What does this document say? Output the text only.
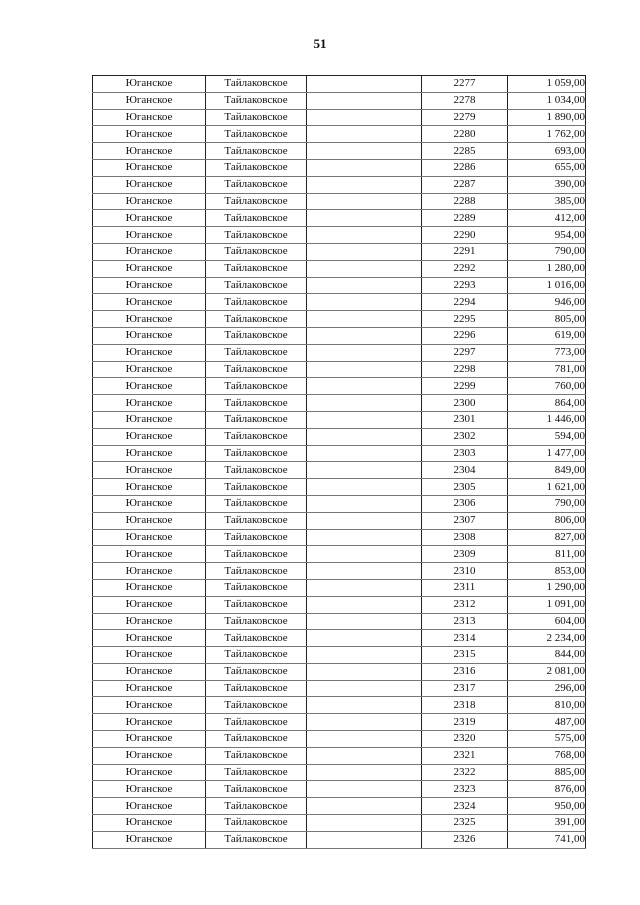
51
Юганское	Тайлаковское		2277	1 059,00
Юганское	Тайлаковское		2278	1 034,00
Юганское	Тайлаковское		2279	1 890,00
Юганское	Тайлаковское		2280	1 762,00
Юганское	Тайлаковское		2285	693,00
Юганское	Тайлаковское		2286	655,00
Юганское	Тайлаковское		2287	390,00
Юганское	Тайлаковское		2288	385,00
Юганское	Тайлаковское		2289	412,00
Юганское	Тайлаковское		2290	954,00
Юганское	Тайлаковское		2291	790,00
Юганское	Тайлаковское		2292	1 280,00
Юганское	Тайлаковское		2293	1 016,00
Юганское	Тайлаковское		2294	946,00
Юганское	Тайлаковское		2295	805,00
Юганское	Тайлаковское		2296	619,00
Юганское	Тайлаковское		2297	773,00
Юганское	Тайлаковское		2298	781,00
Юганское	Тайлаковское		2299	760,00
Юганское	Тайлаковское		2300	864,00
Юганское	Тайлаковское		2301	1 446,00
Юганское	Тайлаковское		2302	594,00
Юганское	Тайлаковское		2303	1 477,00
Юганское	Тайлаковское		2304	849,00
Юганское	Тайлаковское		2305	1 621,00
Юганское	Тайлаковское		2306	790,00
Юганское	Тайлаковское		2307	806,00
Юганское	Тайлаковское		2308	827,00
Юганское	Тайлаковское		2309	811,00
Юганское	Тайлаковское		2310	853,00
Юганское	Тайлаковское		2311	1 290,00
Юганское	Тайлаковское		2312	1 091,00
Юганское	Тайлаковское		2313	604,00
Юганское	Тайлаковское		2314	2 234,00
Юганское	Тайлаковское		2315	844,00
Юганское	Тайлаковское		2316	2 081,00
Юганское	Тайлаковское		2317	296,00
Юганское	Тайлаковское		2318	810,00
Юганское	Тайлаковское		2319	487,00
Юганское	Тайлаковское		2320	575,00
Юганское	Тайлаковское		2321	768,00
Юганское	Тайлаковское		2322	885,00
Юганское	Тайлаковское		2323	876,00
Юганское	Тайлаковское		2324	950,00
Юганское	Тайлаковское		2325	391,00
Юганское	Тайлаковское		2326	741,00
